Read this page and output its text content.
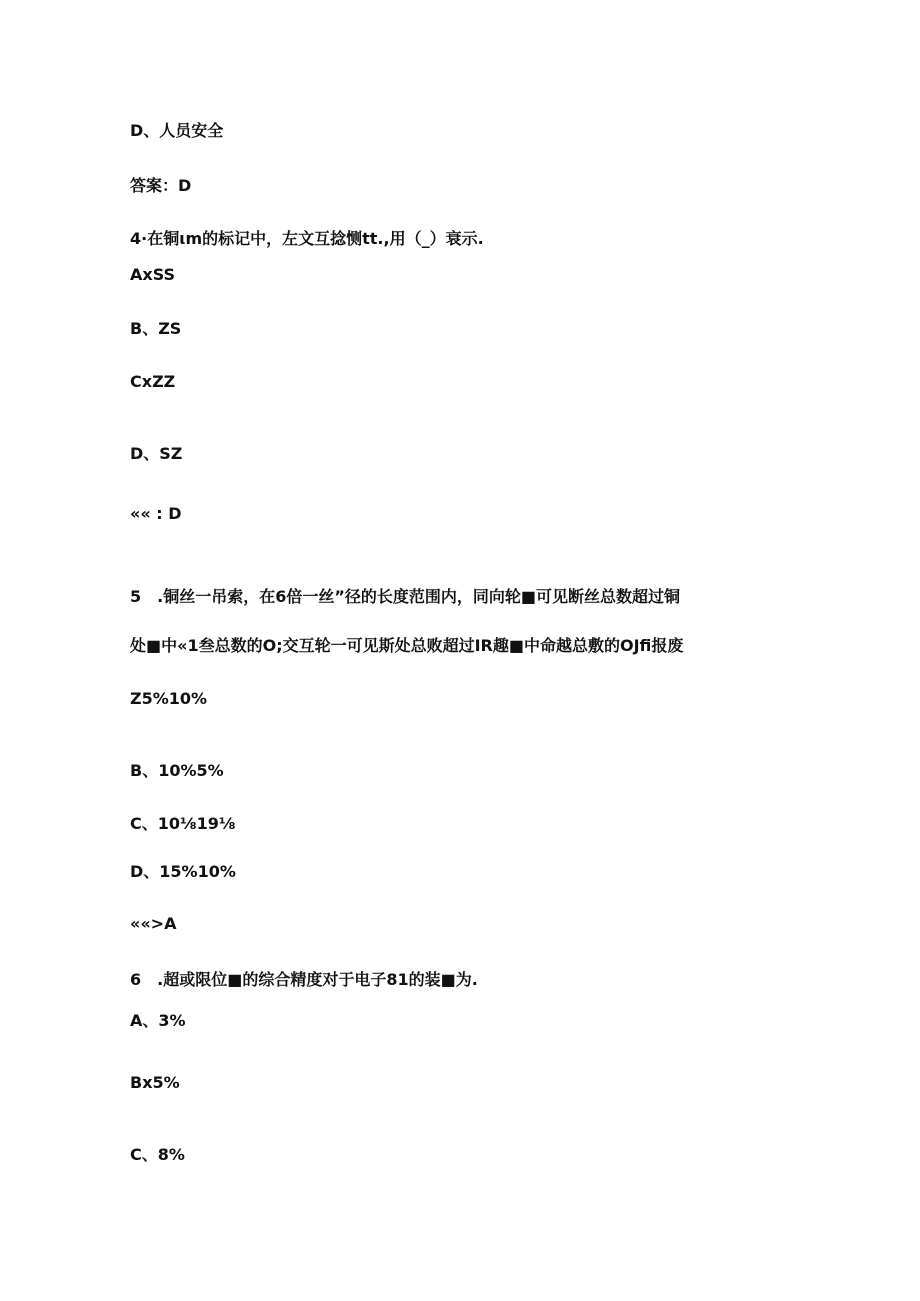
D、人员安全
答案：D
4·在铜ιm的标记中，左文互捻恻tt.,用（_）衰示.
AxSS
B、ZS
CxZZ
D、SZ
«« : D
5　.铜丝一吊索，在6倍一丝”径的长度范围内，同向轮■可见断丝总数超过铜
处■中«1叁总数的O;交互轮一可见斯处总败超过IR趣■中命越总敷的OJfi报废
Z5%10%
B、10%5%
C、10⅛19⅛
D、15%10%
««>A
6　.超或限位■的综合精度对于电子81的装■为.
A、3%
Bx5%
C、8%
